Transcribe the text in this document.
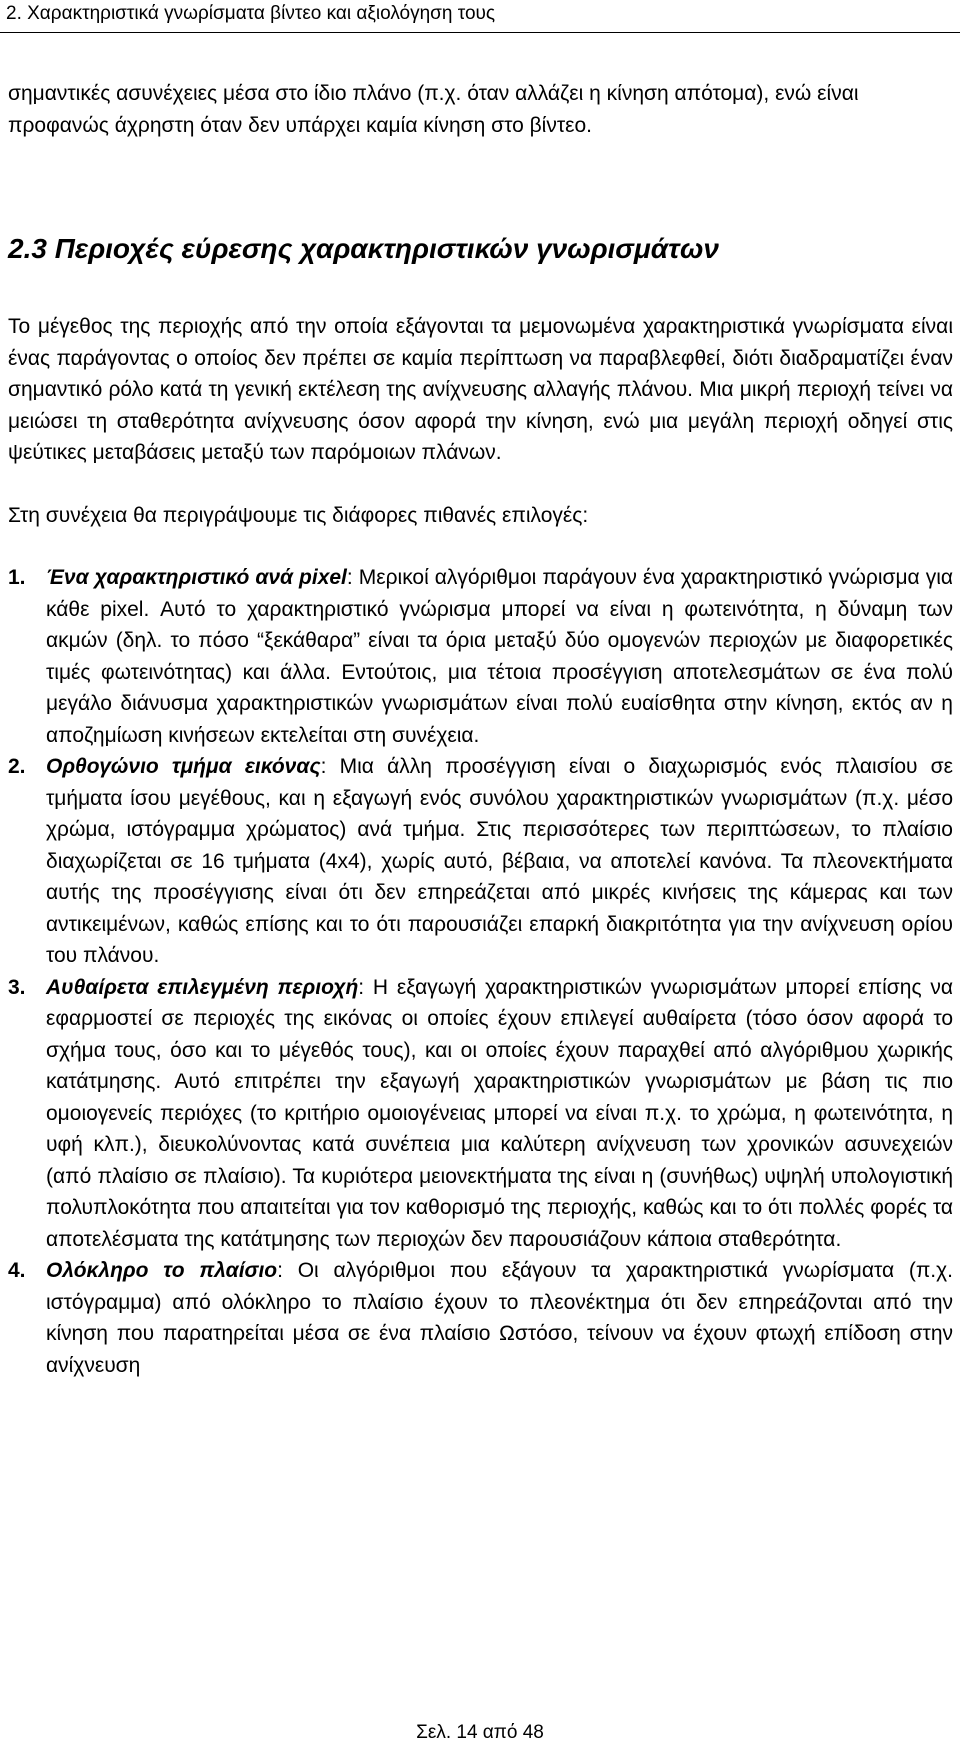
2. Χαρακτηριστικά γνωρίσματα βίντεο και αξιολόγηση τους

σημαντικές ασυνέχειες μέσα στο ίδιο πλάνο (π.χ. όταν αλλάζει η κίνηση απότομα), ενώ είναι προφανώς άχρηστη όταν δεν υπάρχει καμία κίνηση στο βίντεο.

2.3 Περιοχές εύρεσης χαρακτηριστικών γνωρισμάτων

Το μέγεθος της περιοχής από την οποία εξάγονται τα μεμονωμένα χαρακτηριστικά γνωρίσματα είναι ένας παράγοντας ο οποίος δεν πρέπει σε καμία περίπτωση να παραβλεφθεί, διότι διαδραματίζει έναν σημαντικό ρόλο κατά τη γενική εκτέλεση της ανίχνευσης αλλαγής πλάνου. Μια μικρή περιοχή τείνει να μειώσει τη σταθερότητα ανίχνευσης όσον αφορά την κίνηση, ενώ μια μεγάλη περιοχή οδηγεί στις ψεύτικες μεταβάσεις μεταξύ των παρόμοιων πλάνων.

Στη συνέχεια θα περιγράψουμε τις διάφορες πιθανές επιλογές:

1. Ένα χαρακτηριστικό ανά pixel: Μερικοί αλγόριθμοι παράγουν ένα χαρακτηριστικό γνώρισμα για κάθε pixel. Αυτό το χαρακτηριστικό γνώρισμα μπορεί να είναι η φωτεινότητα, η δύναμη των ακμών (δηλ. το πόσο “ξεκάθαρα” είναι τα όρια μεταξύ δύο ομογενών περιοχών με διαφορετικές τιμές φωτεινότητας) και άλλα. Εντούτοις, μια τέτοια προσέγγιση αποτελεσμάτων σε ένα πολύ μεγάλο διάνυσμα χαρακτηριστικών γνωρισμάτων είναι πολύ ευαίσθητα στην κίνηση, εκτός αν η αποζημίωση κινήσεων εκτελείται στη συνέχεια.
2. Ορθογώνιο τμήμα εικόνας: Μια άλλη προσέγγιση είναι ο διαχωρισμός ενός πλαισίου σε τμήματα ίσου μεγέθους, και η εξαγωγή ενός συνόλου χαρακτηριστικών γνωρισμάτων (π.χ. μέσο χρώμα, ιστόγραμμα χρώματος) ανά τμήμα. Στις περισσότερες των περιπτώσεων, το πλαίσιο διαχωρίζεται σε 16 τμήματα (4x4), χωρίς αυτό, βέβαια, να αποτελεί κανόνα. Τα πλεονεκτήματα αυτής της προσέγγισης είναι ότι δεν επηρεάζεται από μικρές κινήσεις της κάμερας και των αντικειμένων, καθώς επίσης και το ότι παρουσιάζει επαρκή διακριτότητα για την ανίχνευση ορίου του πλάνου.
3. Αυθαίρετα επιλεγμένη περιοχή: Η εξαγωγή χαρακτηριστικών γνωρισμάτων μπορεί επίσης να εφαρμοστεί σε περιοχές της εικόνας οι οποίες έχουν επιλεγεί αυθαίρετα (τόσο όσον αφορά το σχήμα τους, όσο και το μέγεθός τους), και οι οποίες έχουν παραχθεί από αλγόριθμου χωρικής κατάτμησης. Αυτό επιτρέπει την εξαγωγή χαρακτηριστικών γνωρισμάτων με βάση τις πιο ομοιογενείς περιόχες (το κριτήριο ομοιογένειας μπορεί να είναι π.χ. το χρώμα, η φωτεινότητα, η υφή κλπ.), διευκολύνοντας κατά συνέπεια μια καλύτερη ανίχνευση των χρονικών ασυνεχειών (από πλαίσιο σε πλαίσιο). Τα κυριότερα μειονεκτήματα της είναι η (συνήθως) υψηλή υπολογιστική πολυπλοκότητα που απαιτείται για τον καθορισμό της περιοχής, καθώς και το ότι πολλές φορές τα αποτελέσματα της κατάτμησης των περιοχών δεν παρουσιάζουν κάποια σταθερότητα.
4. Ολόκληρο το πλαίσιο: Οι αλγόριθμοι που εξάγουν τα χαρακτηριστικά γνωρίσματα (π.χ. ιστόγραμμα) από ολόκληρο το πλαίσιο έχουν το πλεονέκτημα ότι δεν επηρεάζονται από την κίνηση που παρατηρείται μέσα σε ένα πλαίσιο Ωστόσο, τείνουν να έχουν φτωχή επίδοση στην ανίχνευση
Σελ. 14 από 48
